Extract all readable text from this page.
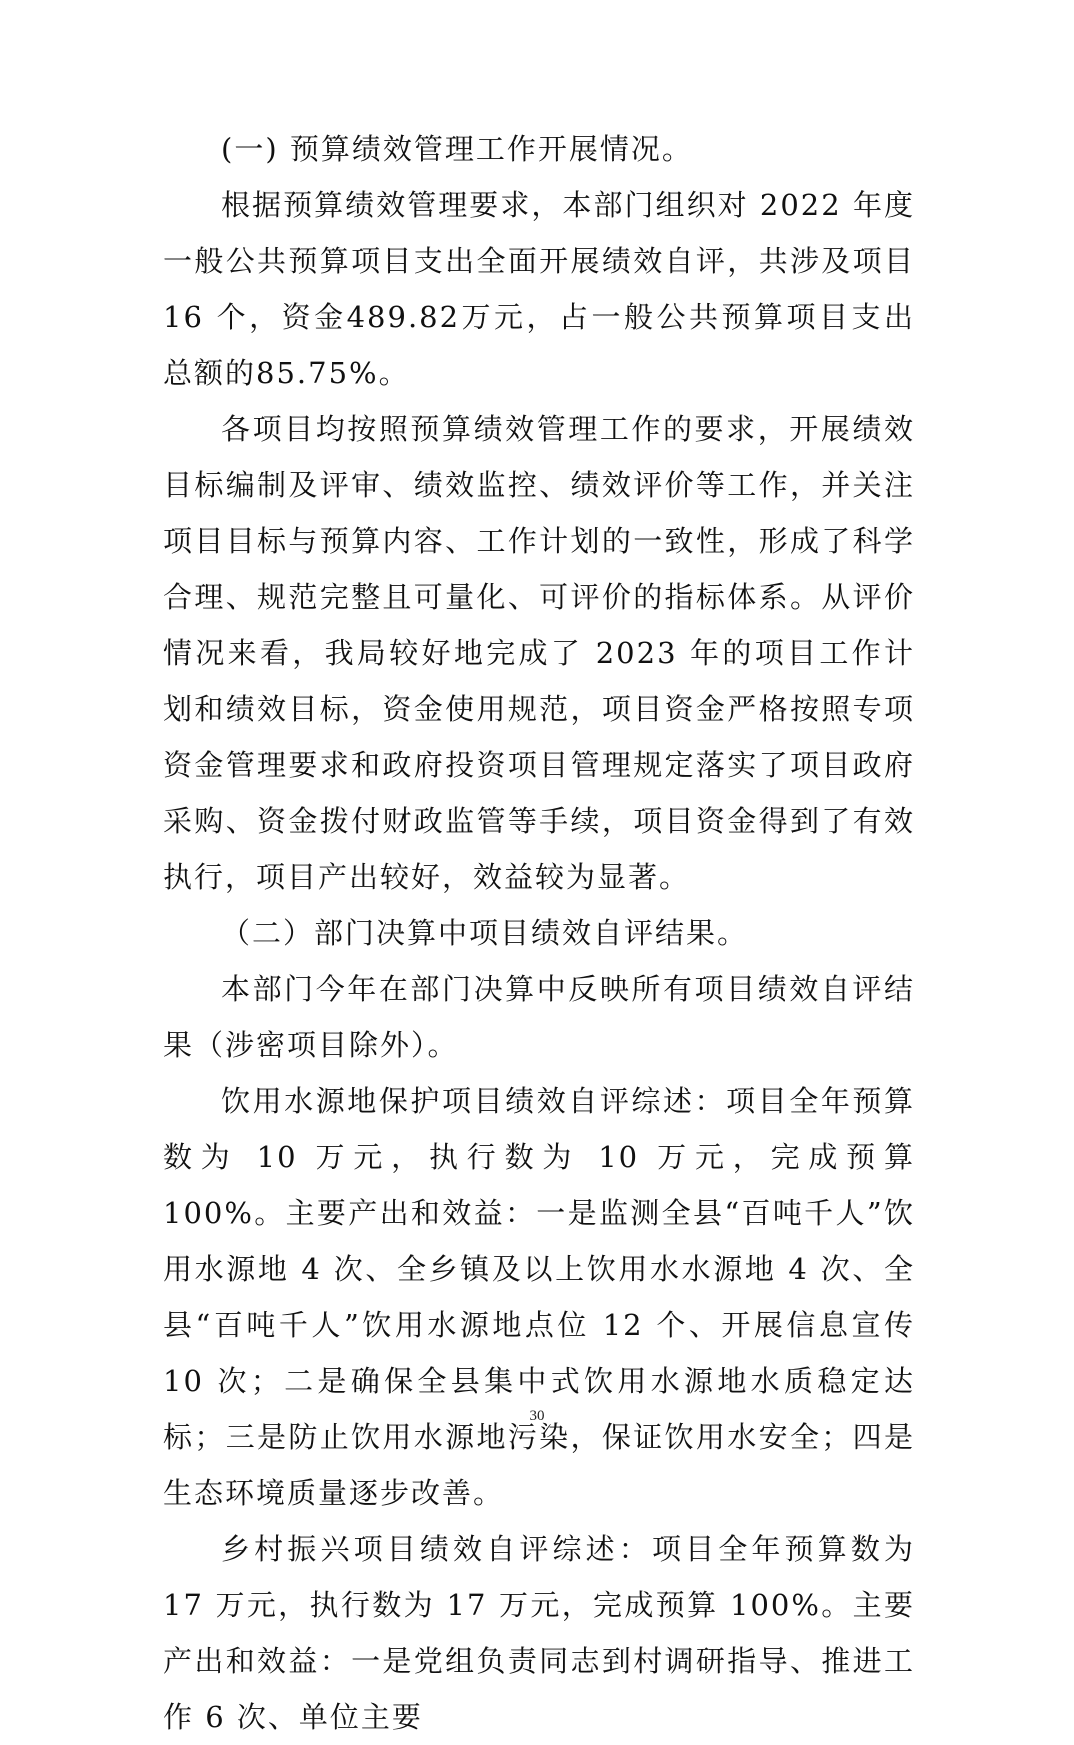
(一) 预算绩效管理工作开展情况。

根据预算绩效管理要求，本部门组织对 2022 年度一般公共预算项目支出全面开展绩效自评，共涉及项目 16 个，资金489.82万元，占一般公共预算项目支出总额的85.75%。

各项目均按照预算绩效管理工作的要求，开展绩效目标编制及评审、绩效监控、绩效评价等工作，并关注项目目标与预算内容、工作计划的一致性，形成了科学合理、规范完整且可量化、可评价的指标体系。从评价情况来看，我局较好地完成了 2023 年的项目工作计划和绩效目标，资金使用规范，项目资金严格按照专项资金管理要求和政府投资项目管理规定落实了项目政府采购、资金拨付财政监管等手续，项目资金得到了有效执行，项目产出较好，效益较为显著。

（二）部门决算中项目绩效自评结果。

本部门今年在部门决算中反映所有项目绩效自评结果（涉密项目除外）。

饮用水源地保护项目绩效自评综述：项目全年预算数为 10 万元，执行数为 10 万元，完成预算 100%。主要产出和效益：一是监测全县“百吨千人”饮用水源地 4 次、全乡镇及以上饮用水水源地 4 次、全县“百吨千人”饮用水源地点位 12 个、开展信息宣传 10 次；二是确保全县集中式饮用水源地水质稳定达标；三是防止饮用水源地污染，保证饮用水安全；四是生态环境质量逐步改善。

乡村振兴项目绩效自评综述：项目全年预算数为 17 万元，执行数为 17 万元，完成预算 100%。主要产出和效益：一是党组负责同志到村调研指导、推进工作 6 次、单位主要

30
